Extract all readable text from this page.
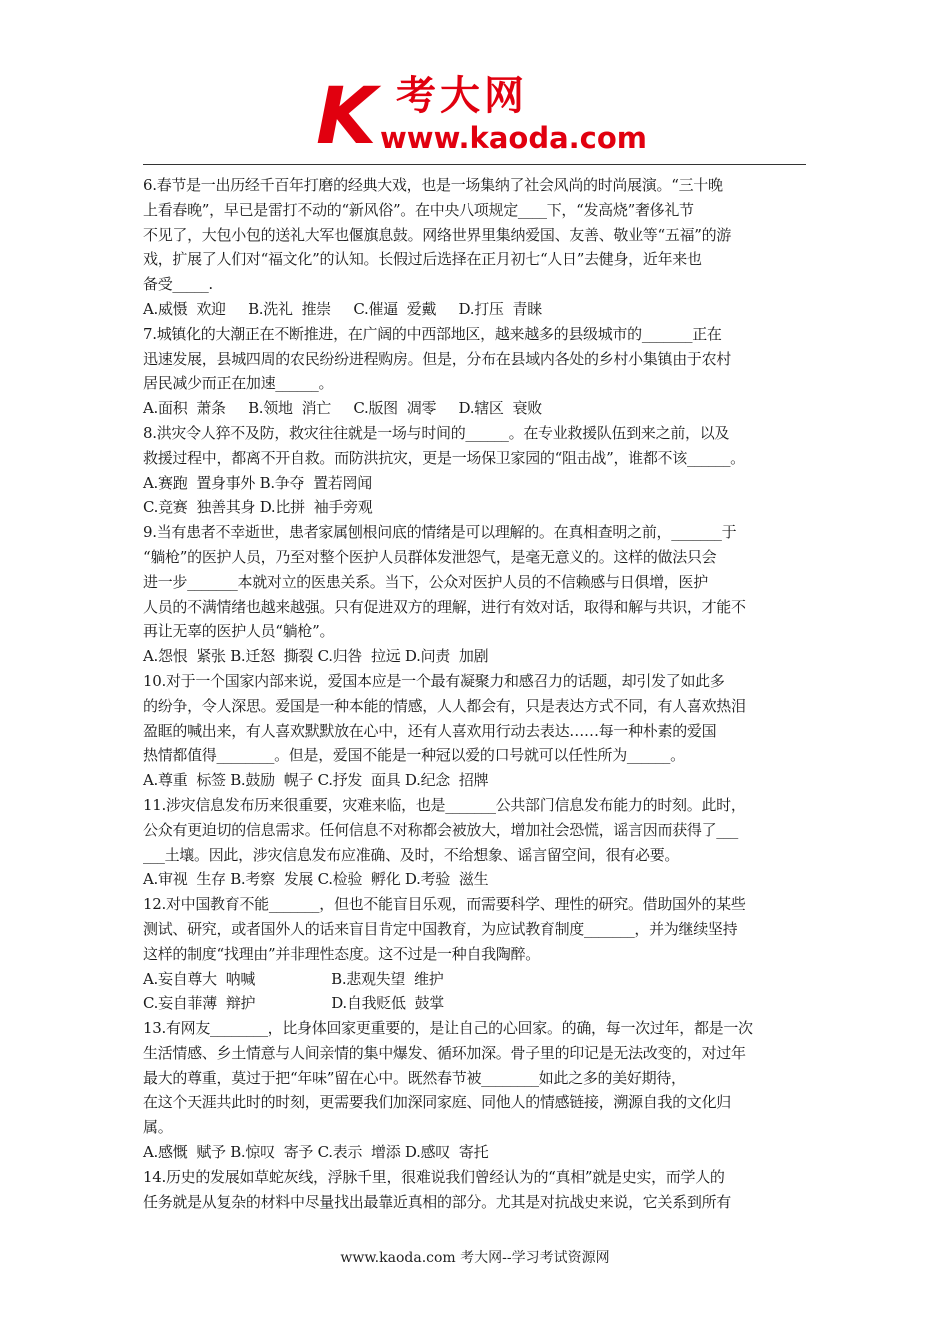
K 考大网
www.kaoda.com

6.春节是一出历经千百年打磨的经典大戏，也是一场集纳了社会风尚的时尚展演。“三十晚

上看春晚”，早已是雷打不动的“新风俗”。在中央八项规定____下，“发高烧”奢侈礼节

不见了，大包小包的送礼大军也偃旗息鼓。网络世界里集纳爱国、友善、敬业等“五福”的游

戏，扩展了人们对“福文化”的认知。长假过后选择在正月初七“人日”去健身，近年来也

备受_____.

A.威慑  欢迎     B.洗礼  推崇     C.催逼  爱戴     D.打压  青睐

7.城镇化的大潮正在不断推进，在广阔的中西部地区，越来越多的县级城市的_______正在

迅速发展，县城四周的农民纷纷进程购房。但是，分布在县域内各处的乡村小集镇由于农村

居民减少而正在加速______。

A.面积  萧条     B.领地  消亡     C.版图  凋零     D.辖区  衰败

8.洪灾令人猝不及防，救灾往往就是一场与时间的______。在专业救援队伍到来之前，以及

救援过程中，都离不开自救。而防洪抗灾，更是一场保卫家园的“阻击战”，谁都不该______。

A.赛跑  置身事外 B.争夺  置若罔闻

C.竞赛  独善其身 D.比拼  袖手旁观

9.当有患者不幸逝世，患者家属刨根问底的情绪是可以理解的。在真相查明之前，_______于

“躺枪”的医护人员，乃至对整个医护人员群体发泄怨气，是毫无意义的。这样的做法只会

进一步_______本就对立的医患关系。当下，公众对医护人员的不信赖感与日俱增，医护

人员的不满情绪也越来越强。只有促进双方的理解，进行有效对话，取得和解与共识，才能不

再让无辜的医护人员“躺枪”。

A.怨恨  紧张 B.迁怒  撕裂 C.归咎  拉远 D.问责  加剧

10.对于一个国家内部来说，爱国本应是一个最有凝聚力和感召力的话题，却引发了如此多

的纷争，令人深思。爱国是一种本能的情感，人人都会有，只是表达方式不同，有人喜欢热泪

盈眶的喊出来，有人喜欢默默放在心中，还有人喜欢用行动去表达……每一种朴素的爱国

热情都值得________。但是，爱国不能是一种冠以爱的口号就可以任性所为______。

A.尊重  标签 B.鼓励  幌子 C.抒发  面具 D.纪念  招牌

11.涉灾信息发布历来很重要，灾难来临，也是_______公共部门信息发布能力的时刻。此时，

公众有更迫切的信息需求。任何信息不对称都会被放大，增加社会恐慌，谣言因而获得了___

___土壤。因此，涉灾信息发布应准确、及时，不给想象、谣言留空间，很有必要。

A.审视  生存 B.考察  发展 C.检验  孵化 D.考验  滋生

12.对中国教育不能_______，但也不能盲目乐观，而需要科学、理性的研究。借助国外的某些

测试、研究，或者国外人的话来盲目肯定中国教育，为应试教育制度_______，并为继续坚持

这样的制度“找理由”并非理性态度。这不过是一种自我陶醉。

A.妄自尊大  呐喊                 B.悲观失望  维护

C.妄自菲薄  辩护                 D.自我贬低  鼓掌

13.有网友________，比身体回家更重要的，是让自己的心回家。的确，每一次过年，都是一次

生活情感、乡土情意与人间亲情的集中爆发、循环加深。骨子里的印记是无法改变的，对过年

最大的尊重，莫过于把“年味”留在心中。既然春节被________如此之多的美好期待，

在这个天涯共此时的时刻，更需要我们加深同家庭、同他人的情感链接，溯源自我的文化归

属。

A.感慨  赋予 B.惊叹  寄予 C.表示  增添 D.感叹  寄托

14.历史的发展如草蛇灰线，浮脉千里，很难说我们曾经认为的“真相”就是史实，而学人的

任务就是从复杂的材料中尽量找出最靠近真相的部分。尤其是对抗战史来说，它关系到所有

www.kaoda.com 考大网--学习考试资源网
